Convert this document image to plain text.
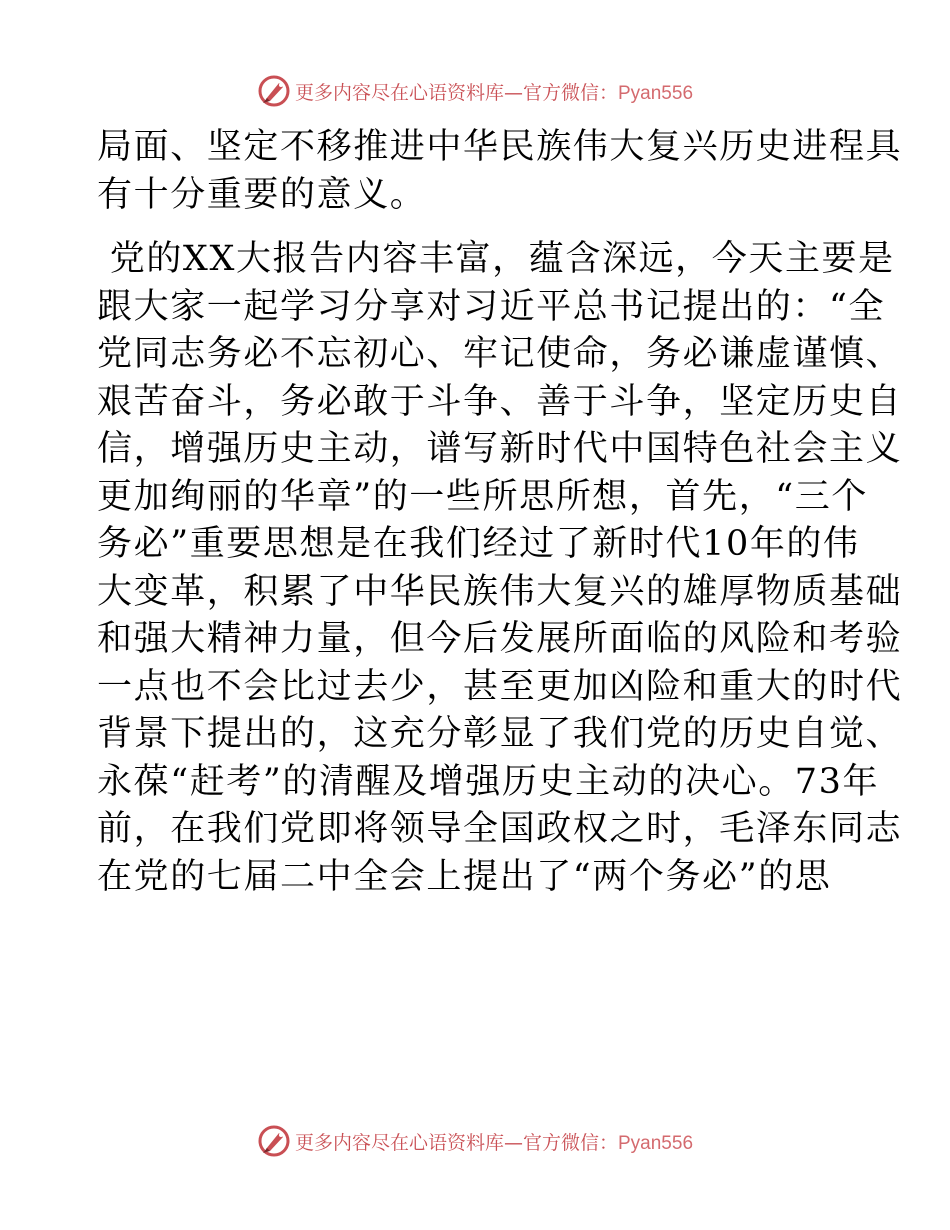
更多内容尽在心语资料库—官方微信：Pyan556
局面、坚定不移推进中华民族伟大复兴历史进程具
有十分重要的意义。
党的XX大报告内容丰富，蕴含深远，今天主要是
跟大家一起学习分享对习近平总书记提出的：“全
党同志务必不忘初心、牢记使命，务必谦虚谨慎、
艰苦奋斗，务必敢于斗争、善于斗争，坚定历史自
信，增强历史主动，谱写新时代中国特色社会主义
更加绚丽的华章”的一些所思所想，首先，“三个
务必”重要思想是在我们经过了新时代10年的伟
大变革，积累了中华民族伟大复兴的雄厚物质基础
和强大精神力量，但今后发展所面临的风险和考验
一点也不会比过去少，甚至更加凶险和重大的时代
背景下提出的，这充分彰显了我们党的历史自觉、
永葆“赶考”的清醒及增强历史主动的决心。73年
前，在我们党即将领导全国政权之时，毛泽东同志
在党的七届二中全会上提出了“两个务必”的思
更多内容尽在心语资料库—官方微信：Pyan556
